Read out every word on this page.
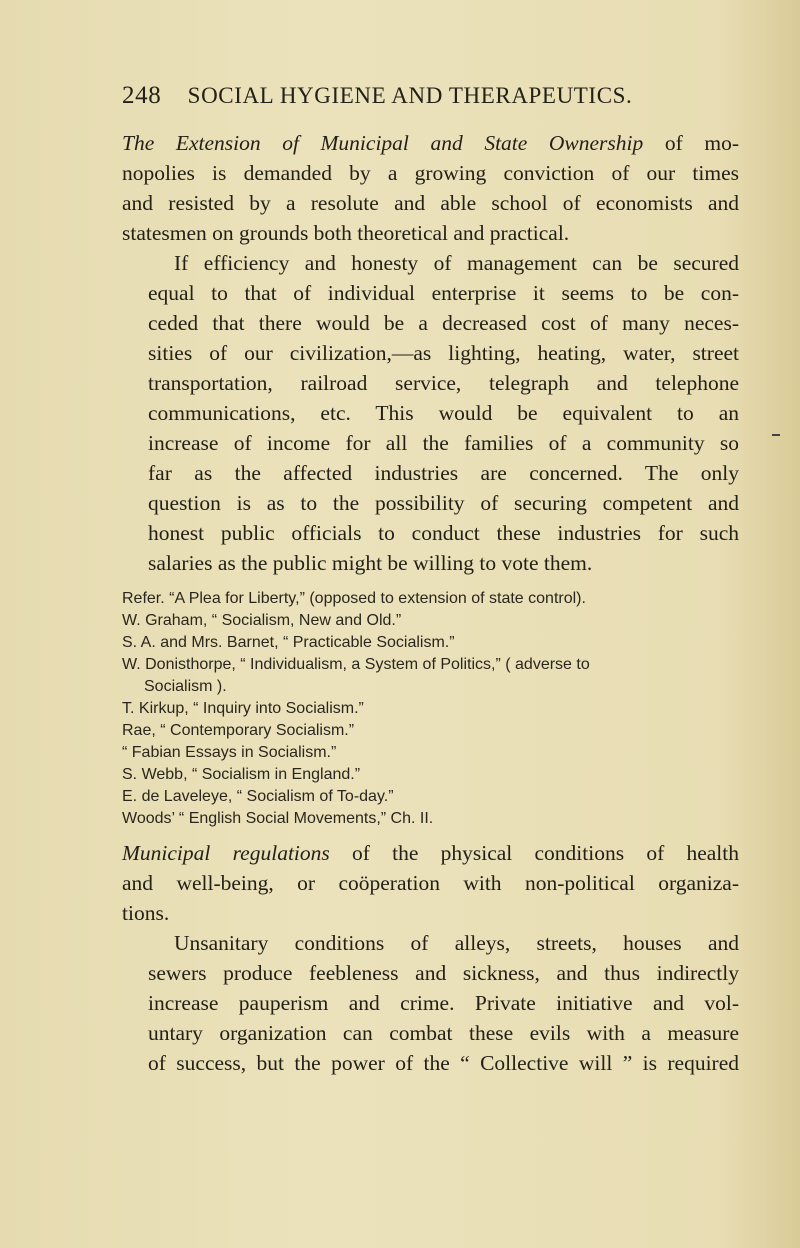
248 SOCIAL HYGIENE AND THERAPEUTICS.
The Extension of Municipal and State Ownership of mo-
nopolies is demanded by a growing conviction of our times
and resisted by a resolute and able school of economists and
statesmen on grounds both theoretical and practical.
If efficiency and honesty of management can be secured
equal to that of individual enterprise it seems to be con-
ceded that there would be a decreased cost of many neces-
sities of our civilization,—as lighting, heating, water, street
transportation, railroad service, telegraph and telephone
communications, etc. This would be equivalent to an
increase of income for all the families of a community so
far as the affected industries are concerned. The only
question is as to the possibility of securing competent and
honest public officials to conduct these industries for such
salaries as the public might be willing to vote them.
Refer. “A Plea for Liberty,” (opposed to extension of state control).
W. Graham, “ Socialism, New and Old.”
S. A. and Mrs. Barnet, “ Practicable Socialism.”
W. Donisthorpe, “ Individualism, a System of Politics,” ( adverse to
Socialism ).
T. Kirkup, “ Inquiry into Socialism.”
Rae, “ Contemporary Socialism.”
“ Fabian Essays in Socialism.”
S. Webb, “ Socialism in England.”
E. de Laveleye, “ Socialism of To-day.”
Woods’ “ English Social Movements,” Ch. II.
Municipal regulations of the physical conditions of health
and well-being, or coöperation with non-political organiza-
tions.
Unsanitary conditions of alleys, streets, houses and
sewers produce feebleness and sickness, and thus indirectly
increase pauperism and crime. Private initiative and vol-
untary organization can combat these evils with a measure
of success, but the power of the “ Collective will ” is required
